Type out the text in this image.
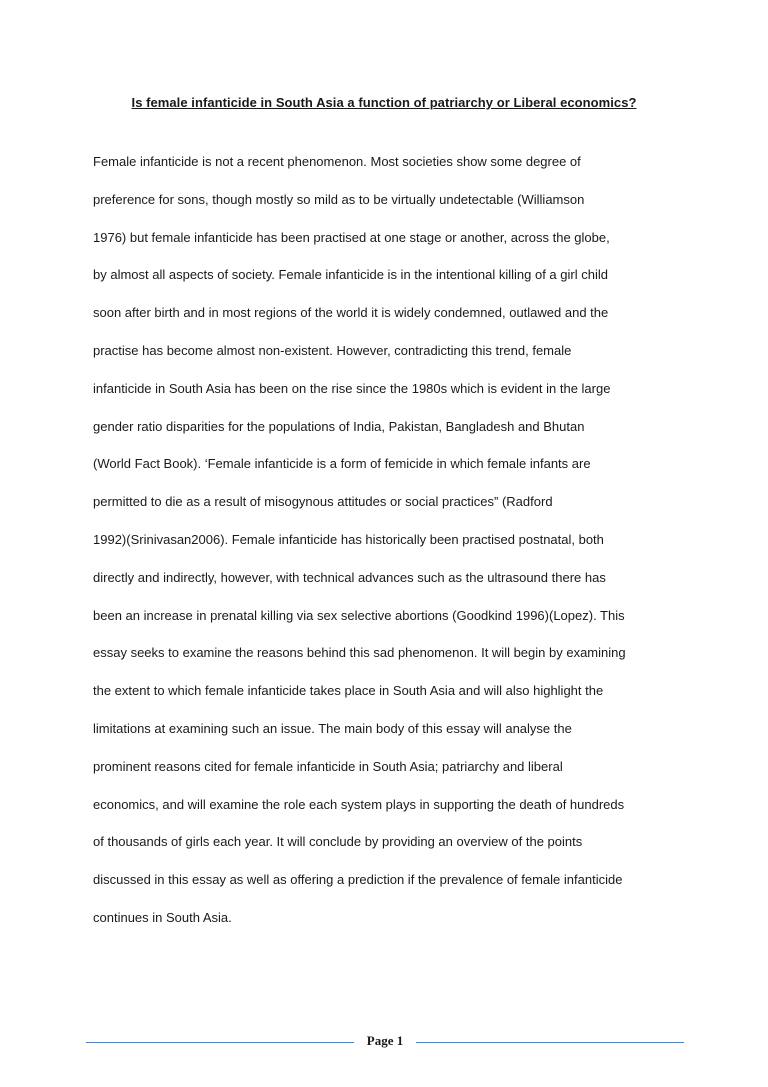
Is female infanticide in South Asia a function of patriarchy or Liberal economics?
Female infanticide is not a recent phenomenon. Most societies show some degree of
preference for sons, though mostly so mild as to be virtually undetectable (Williamson
1976) but female infanticide has been practised at one stage or another, across the globe,
by almost all aspects of society. Female infanticide is in the intentional killing of a girl child
soon after birth and in most regions of the world it is widely condemned, outlawed and the
practise has become almost non-existent. However, contradicting this trend, female
infanticide in South Asia has been on the rise since the 1980s which is evident in the large
gender ratio disparities for the populations of India, Pakistan, Bangladesh and Bhutan
(World Fact Book). ‘Female infanticide is a form of femicide in which female infants are
permitted to die as a result of misogynous attitudes or social practices” (Radford
1992)(Srinivasan2006). Female infanticide has historically been practised postnatal, both
directly and indirectly, however, with technical advances such as the ultrasound there has
been an increase in prenatal killing via sex selective abortions (Goodkind 1996)(Lopez). This
essay seeks to examine the reasons behind this sad phenomenon. It will begin by examining
the extent to which female infanticide takes place in South Asia and will also highlight the
limitations at examining such an issue. The main body of this essay will analyse the
prominent reasons cited for female infanticide in South Asia; patriarchy and liberal
economics, and will examine the role each system plays in supporting the death of hundreds
of thousands of girls each year. It will conclude by providing an overview of the points
discussed in this essay as well as offering a prediction if the prevalence of female infanticide
continues in South Asia.
Page 1
